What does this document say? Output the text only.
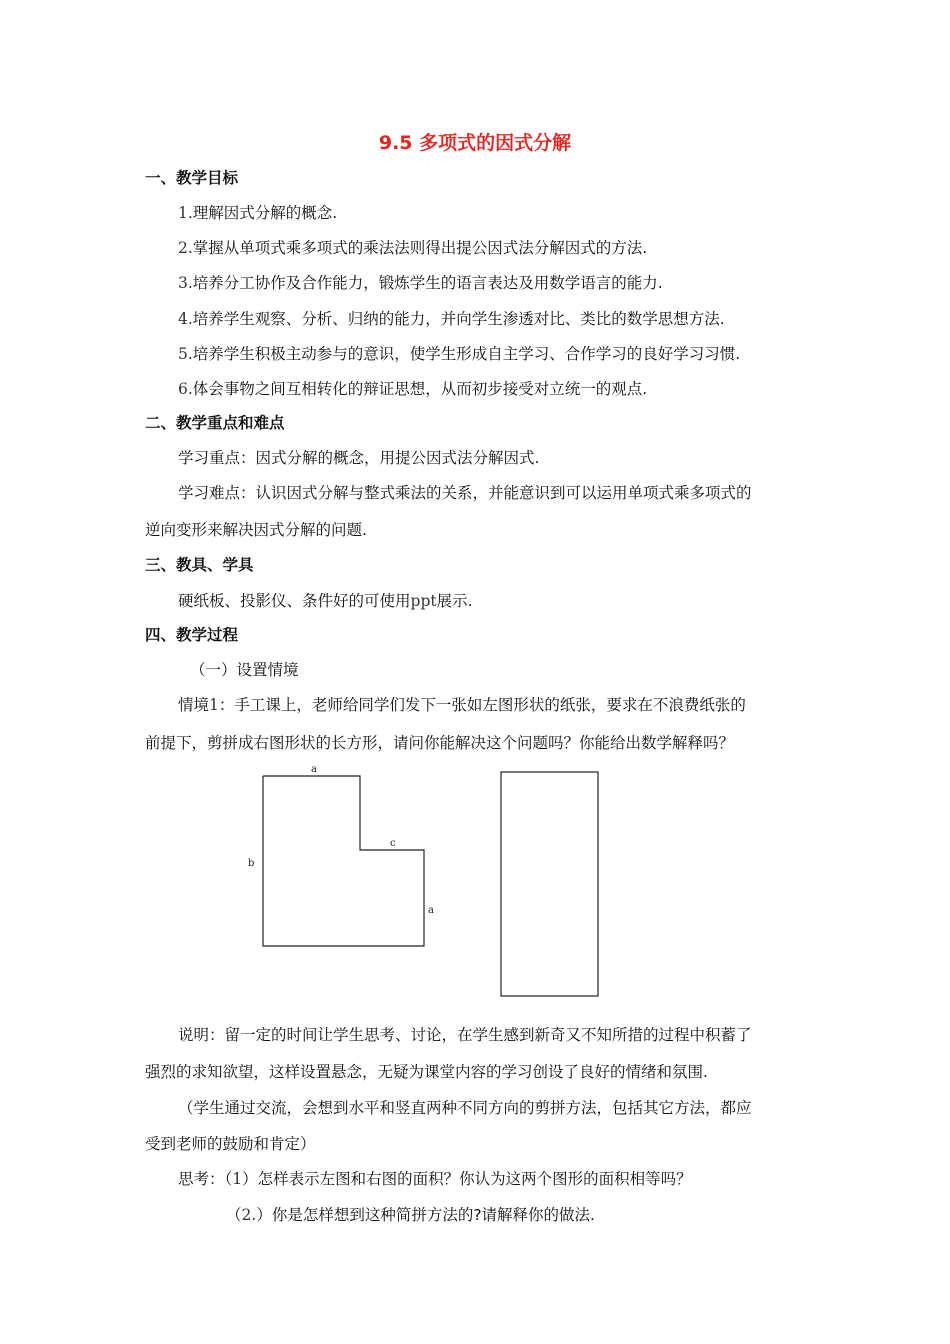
9.5 多项式的因式分解
一、教学目标
1.理解因式分解的概念.
2.掌握从单项式乘多项式的乘法法则得出提公因式法分解因式的方法.
3.培养分工协作及合作能力，锻炼学生的语言表达及用数学语言的能力.
4.培养学生观察、分析、归纳的能力，并向学生渗透对比、类比的数学思想方法.
5.培养学生积极主动参与的意识，使学生形成自主学习、合作学习的良好学习习惯.
6.体会事物之间互相转化的辩证思想，从而初步接受对立统一的观点.
二、教学重点和难点
学习重点：因式分解的概念，用提公因式法分解因式.
学习难点：认识因式分解与整式乘法的关系，并能意识到可以运用单项式乘多项式的
逆向变形来解决因式分解的问题.
三、教具、学具
硬纸板、投影仪、条件好的可使用ppt展示.
四、教学过程
（一）设置情境
情境1：手工课上，老师给同学们发下一张如左图形状的纸张，要求在不浪费纸张的
前提下，剪拼成右图形状的长方形，请问你能解决这个问题吗？你能给出数学解释吗？
a
b
c
a
说明：留一定的时间让学生思考、讨论，在学生感到新奇又不知所措的过程中积蓄了
强烈的求知欲望，这样设置悬念，无疑为课堂内容的学习创设了良好的情绪和氛围.
（学生通过交流，会想到水平和竖直两种不同方向的剪拼方法，包括其它方法，都应
受到老师的鼓励和肯定）
思考：（1）怎样表示左图和右图的面积？你认为这两个图形的面积相等吗？
（2.）你是怎样想到这种简拼方法的?请解释你的做法.
